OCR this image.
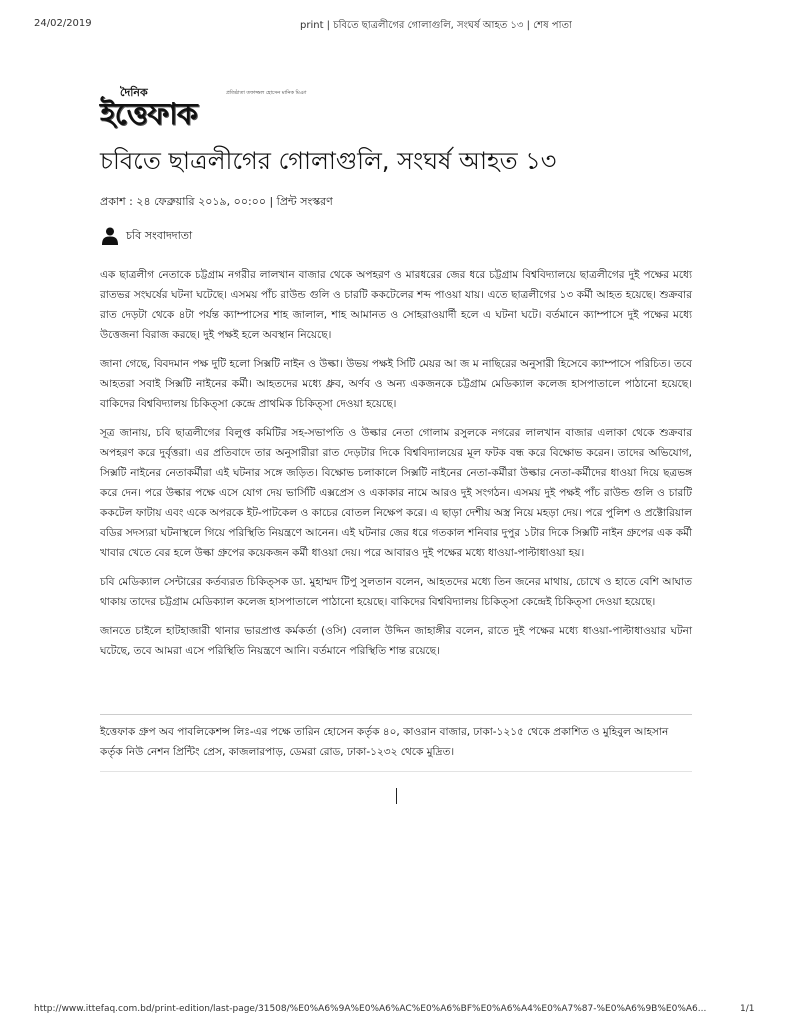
24/02/2019	print | চবিতে ছাত্রলীগের গোলাগুলি, সংঘর্ষ আহত ১৩ | শেষ পাতা
দৈনিক
ইত্তেফাক
প্রতিষ্ঠাতা তফাজ্জল হোসেন মানিক মিঞা
চবিতে ছাত্রলীগের গোলাগুলি, সংঘর্ষ আহত ১৩
প্রকাশ : ২৪ ফেব্রুয়ারি ২০১৯, ০০:০০ | প্রিন্ট সংস্করণ
চবি সংবাদদাতা

এক ছাত্রলীগ নেতাকে চট্টগ্রাম নগরীর লালখান বাজার থেকে অপহরণ ও মারধরের জের ধরে চট্টগ্রাম বিশ্ববিদ্যালয়ে ছাত্রলীগের দুই পক্ষের মধ্যে রাতভর সংঘর্ষের ঘটনা ঘটেছে। এসময় পাঁচ রাউন্ড গুলি ও চারটি ককটেলের শব্দ পাওয়া যায়। এতে ছাত্রলীগের ১৩ কর্মী আহত হয়েছে। শুক্রবার রাত দেড়টা থেকে ৪টা পর্যন্ত ক্যাম্পাসের শাহ জালাল, শাহ আমানত ও সোহরাওয়ার্দী হলে এ ঘটনা ঘটে। বর্তমানে ক্যাম্পাসে দুই পক্ষের মধ্যে উত্তেজনা বিরাজ করছে। দুই পক্ষই হলে অবস্থান নিয়েছে।

জানা গেছে, বিবদমান পক্ষ দুটি হলো সিক্সটি নাইন ও উল্কা। উভয় পক্ষই সিটি মেয়র আ জ ম নাছিরের অনুসারী হিসেবে ক্যাম্পাসে পরিচিত। তবে আহতরা সবাই সিক্সটি নাইনের কর্মী। আহতদের মধ্যে ধ্রুব, অর্ণব ও অন্য একজনকে চট্টগ্রাম মেডিক্যাল কলেজ হাসপাতালে পাঠানো হয়েছে। বাকিদের বিশ্ববিদ্যালয় চিকিত্সা কেন্দ্রে প্রাথমিক চিকিত্সা দেওয়া হয়েছে।

সূত্র জানায়, চবি ছাত্রলীগের বিলুপ্ত কমিটির সহ-সভাপতি ও উল্কার নেতা গোলাম রসুলকে নগরের লালখান বাজার এলাকা থেকে শুক্রবার অপহরণ করে দুর্বৃত্তরা। এর প্রতিবাদে তার অনুসারীরা রাত দেড়টার দিকে বিশ্ববিদ্যালয়ের মূল ফটক বন্ধ করে বিক্ষোভ করেন। তাদের অভিযোগ, সিক্সটি নাইনের নেতাকর্মীরা এই ঘটনার সঙ্গে জড়িত। বিক্ষোভ চলাকালে সিক্সটি নাইনের নেতা-কর্মীরা উল্কার নেতা-কর্মীদের ধাওয়া দিয়ে ছত্রভঙ্গ করে দেন। পরে উল্কার পক্ষে এসে যোগ দেয় ভার্সিটি এক্সপ্রেস ও একাকার নামে আরও দুই সংগঠন। এসময় দুই পক্ষই পাঁচ রাউন্ড গুলি ও চারটি ককটেল ফাটায় এবং একে অপরকে ইট-পাটকেল ও কাচের বোতল নিক্ষেপ করে। এ ছাড়া দেশীয় অস্ত্র নিয়ে মহড়া দেয়। পরে পুলিশ ও প্রক্টোরিয়াল বডির সদস্যরা ঘটনাস্থলে গিয়ে পরিস্থিতি নিয়ন্ত্রণে আনেন। এই ঘটনার জের ধরে গতকাল শনিবার দুপুর ১টার দিকে সিক্সটি নাইন গ্রুপের এক কর্মী খাবার খেতে বের হলে উল্কা গ্রুপের কয়েকজন কর্মী ধাওয়া দেয়। পরে আবারও দুই পক্ষের মধ্যে ধাওয়া-পাল্টাধাওয়া হয়।

চবি মেডিক্যাল সেন্টারের কর্তব্যরত চিকিত্সক ডা. মুহাম্মদ টিপু সুলতান বলেন, আহতদের মধ্যে তিন জনের মাথায়, চোখে ও হাতে বেশি আঘাত থাকায় তাদের চট্টগ্রাম মেডিক্যাল কলেজ হাসপাতালে পাঠানো হয়েছে। বাকিদের বিশ্ববিদ্যালয় চিকিত্সা কেন্দ্রেই চিকিত্সা দেওয়া হয়েছে।

জানতে চাইলে হাটহাজারী থানার ভারপ্রাপ্ত কর্মকর্তা (ওসি) বেলাল উদ্দিন জাহাঙ্গীর বলেন, রাতে দুই পক্ষের মধ্যে ধাওয়া-পাল্টাধাওয়ার ঘটনা ঘটেছে, তবে আমরা এসে পরিস্থিতি নিয়ন্ত্রণে আনি। বর্তমানে পরিস্থিতি শান্ত রয়েছে।

ইত্তেফাক গ্রুপ অব পাবলিকেশন্স লিঃ-এর পক্ষে তারিন হোসেন কর্তৃক ৪০, কাওরান বাজার, ঢাকা-১২১৫ থেকে প্রকাশিত ও মুহিবুল আহসান কর্তৃক নিউ নেশন প্রিন্টিং প্রেস, কাজলারপাড়, ডেমরা রোড, ঢাকা-১২৩২ থেকে মুদ্রিত।
http://www.ittefaq.com.bd/print-edition/last-page/31508/%E0%A6%9A%E0%A6%AC%E0%A6%BF%E0%A6%A4%E0%A7%87-%E0%A6%9B%E0%A6...	1/1
